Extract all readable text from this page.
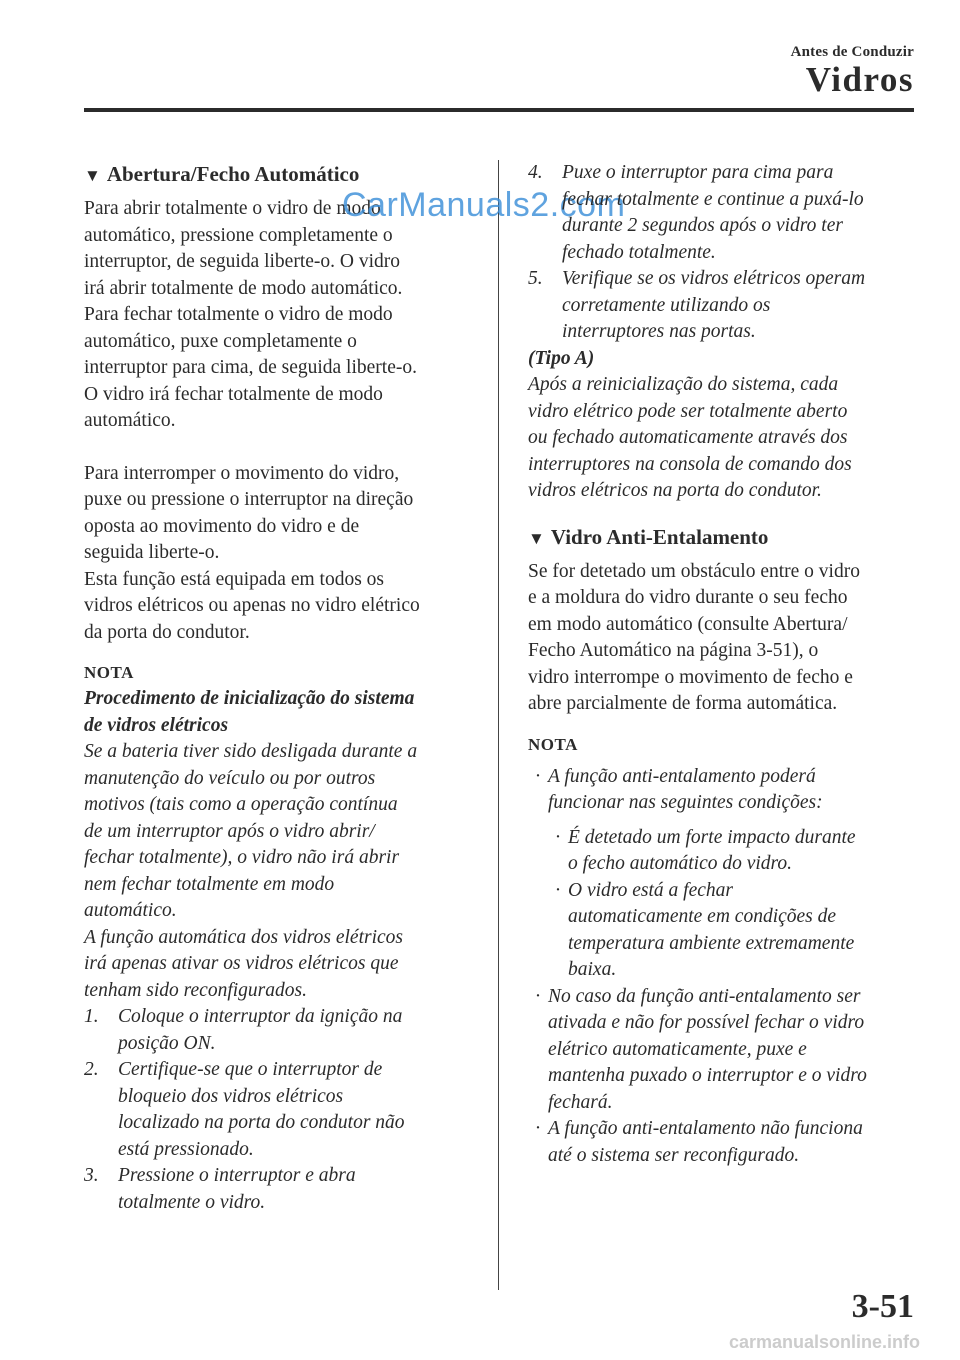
Antes de Conduzir
Vidros
▼ Abertura/Fecho Automático
Para abrir totalmente o vidro de modo
automático, pressione completamente o
interruptor, de seguida liberte-o. O vidro
irá abrir totalmente de modo automático.
Para fechar totalmente o vidro de modo
automático, puxe completamente o
interruptor para cima, de seguida liberte-o.
O vidro irá fechar totalmente de modo
automático.
Para interromper o movimento do vidro,
puxe ou pressione o interruptor na direção
oposta ao movimento do vidro e de
seguida liberte-o.
Esta função está equipada em todos os
vidros elétricos ou apenas no vidro elétrico
da porta do condutor.
NOTA
Procedimento de inicialização do sistema
de vidros elétricos
Se a bateria tiver sido desligada durante a
manutenção do veículo ou por outros
motivos (tais como a operação contínua
de um interruptor após o vidro abrir/
fechar totalmente), o vidro não irá abrir
nem fechar totalmente em modo
automático.
A função automática dos vidros elétricos
irá apenas ativar os vidros elétricos que
tenham sido reconfigurados.
1. Coloque o interruptor da ignição na
posição ON.
2. Certifique-se que o interruptor de
bloqueio dos vidros elétricos
localizado na porta do condutor não
está pressionado.
3. Pressione o interruptor e abra
totalmente o vidro.
CarManuals2.com
4. Puxe o interruptor para cima para
fechar totalmente e continue a puxá-lo
durante 2 segundos após o vidro ter
fechado totalmente.
5. Verifique se os vidros elétricos operam
corretamente utilizando os
interruptores nas portas.
(Tipo A)
Após a reinicialização do sistema, cada
vidro elétrico pode ser totalmente aberto
ou fechado automaticamente através dos
interruptores na consola de comando dos
vidros elétricos na porta do condutor.
▼ Vidro Anti-Entalamento
Se for detetado um obstáculo entre o vidro
e a moldura do vidro durante o seu fecho
em modo automático (consulte Abertura/
Fecho Automático na página 3-51), o
vidro interrompe o movimento de fecho e
abre parcialmente de forma automática.
NOTA
· A função anti-entalamento poderá
funcionar nas seguintes condições:
· É detetado um forte impacto durante
o fecho automático do vidro.
· O vidro está a fechar
automaticamente em condições de
temperatura ambiente extremamente
baixa.
· No caso da função anti-entalamento ser
ativada e não for possível fechar o vidro
elétrico automaticamente, puxe e
mantenha puxado o interruptor e o vidro
fechará.
· A função anti-entalamento não funciona
até o sistema ser reconfigurado.
3-51
carmanualsonline.info
